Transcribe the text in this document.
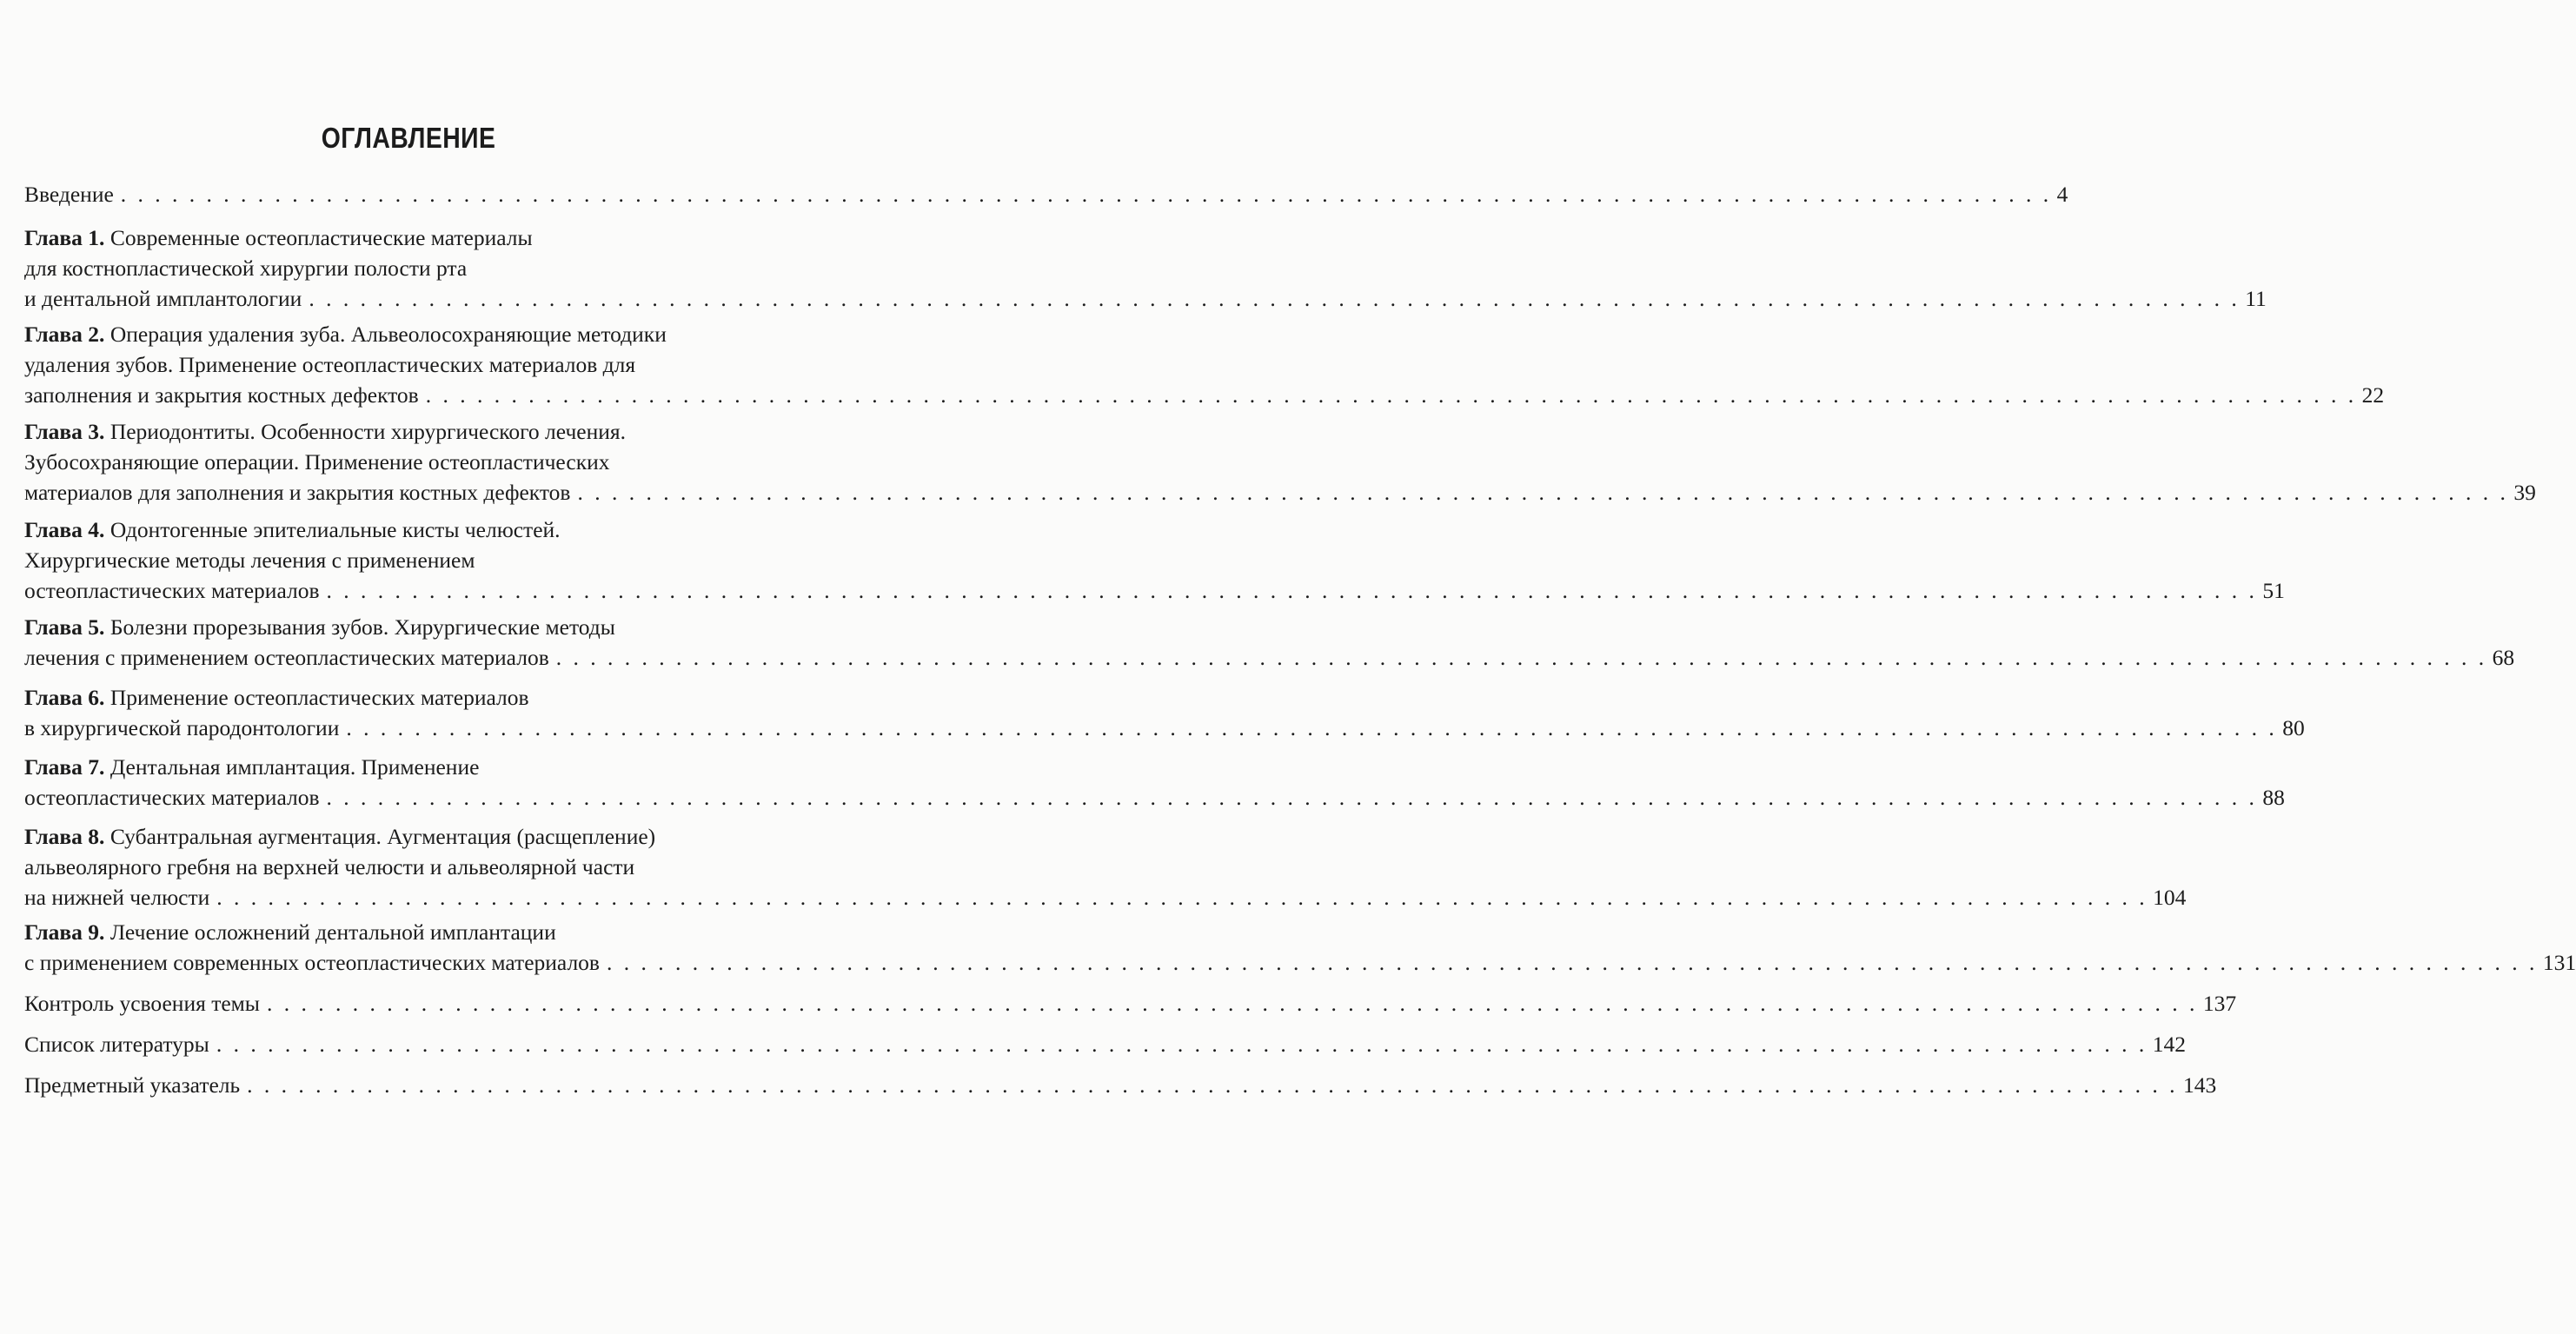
ОГЛАВЛЕНИЕ
Введение . . . . . . . . . . . . . . . . . . . . . . . . . . . . . . . . . . . . . . . . . . . . . . . . . . . . . . . . . . . . . . . . . . . . . . . . . . . . . . . . . . . . . . . . . . . . . . . . . . . . . . . . . . . . . . . . . 4
Глава 1. Современные остеопластические материалы
для костнопластической хирургии полости рта
и дентальной имплантологии . . . . . . . . . . . . . . . . . . . . . . . . . . . . . . . . . . . . . . . . . . . . . . . . . . . . . . . . . . . . . . . . . . . . . . . . . . . . . . . . . . . . . . . . . . . . . . . . . . . . . . . . . . . . . . . . . 11
Глава 2. Операция удаления зуба. Альвеолосохраняющие методики
удаления зубов. Применение остеопластических материалов для
заполнения и закрытия костных дефектов . . . . . . . . . . . . . . . . . . . . . . . . . . . . . . . . . . . . . . . . . . . . . . . . . . . . . . . . . . . . . . . . . . . . . . . . . . . . . . . . . . . . . . . . . . . . . . . . . . . . . . . . . . . . . . . . . 22
Глава 3. Периодонтиты. Особенности хирургического лечения.
Зубосохраняющие операции. Применение остеопластических
материалов для заполнения и закрытия костных дефектов . . . . . . . . . . . . . . . . . . . . . . . . . . . . . . . . . . . . . . . . . . . . . . . . . . . . . . . . . . . . . . . . . . . . . . . . . . . . . . . . . . . . . . . . . . . . . . . . . . . . . . . . . . . . . . . . . 39
Глава 4. Одонтогенные эпителиальные кисты челюстей.
Хирургические методы лечения с применением
остеопластических материалов . . . . . . . . . . . . . . . . . . . . . . . . . . . . . . . . . . . . . . . . . . . . . . . . . . . . . . . . . . . . . . . . . . . . . . . . . . . . . . . . . . . . . . . . . . . . . . . . . . . . . . . . . . . . . . . . . 51
Глава 5. Болезни прорезывания зубов. Хирургические методы
лечения с применением остеопластических материалов . . . . . . . . . . . . . . . . . . . . . . . . . . . . . . . . . . . . . . . . . . . . . . . . . . . . . . . . . . . . . . . . . . . . . . . . . . . . . . . . . . . . . . . . . . . . . . . . . . . . . . . . . . . . . . . . . 68
Глава 6. Применение остеопластических материалов
в хирургической пародонтологии . . . . . . . . . . . . . . . . . . . . . . . . . . . . . . . . . . . . . . . . . . . . . . . . . . . . . . . . . . . . . . . . . . . . . . . . . . . . . . . . . . . . . . . . . . . . . . . . . . . . . . . . . . . . . . . . . 80
Глава 7. Дентальная имплантация. Применение
остеопластических материалов . . . . . . . . . . . . . . . . . . . . . . . . . . . . . . . . . . . . . . . . . . . . . . . . . . . . . . . . . . . . . . . . . . . . . . . . . . . . . . . . . . . . . . . . . . . . . . . . . . . . . . . . . . . . . . . . . 88
Глава 8. Субантральная аугментация. Аугментация (расщепление)
альвеолярного гребня на верхней челюсти и альвеолярной части
на нижней челюсти . . . . . . . . . . . . . . . . . . . . . . . . . . . . . . . . . . . . . . . . . . . . . . . . . . . . . . . . . . . . . . . . . . . . . . . . . . . . . . . . . . . . . . . . . . . . . . . . . . . . . . . . . . . . . . . . . 104
Глава 9. Лечение осложнений дентальной имплантации
с применением современных остеопластических материалов . . . . . . . . . . . . . . . . . . . . . . . . . . . . . . . . . . . . . . . . . . . . . . . . . . . . . . . . . . . . . . . . . . . . . . . . . . . . . . . . . . . . . . . . . . . . . . . . . . . . . . . . . . . . . . . . . 131
Контроль усвоения темы . . . . . . . . . . . . . . . . . . . . . . . . . . . . . . . . . . . . . . . . . . . . . . . . . . . . . . . . . . . . . . . . . . . . . . . . . . . . . . . . . . . . . . . . . . . . . . . . . . . . . . . . . . . . . . . . . 137
Список литературы . . . . . . . . . . . . . . . . . . . . . . . . . . . . . . . . . . . . . . . . . . . . . . . . . . . . . . . . . . . . . . . . . . . . . . . . . . . . . . . . . . . . . . . . . . . . . . . . . . . . . . . . . . . . . . . . . 142
Предметный указатель . . . . . . . . . . . . . . . . . . . . . . . . . . . . . . . . . . . . . . . . . . . . . . . . . . . . . . . . . . . . . . . . . . . . . . . . . . . . . . . . . . . . . . . . . . . . . . . . . . . . . . . . . . . . . . . . . 143
